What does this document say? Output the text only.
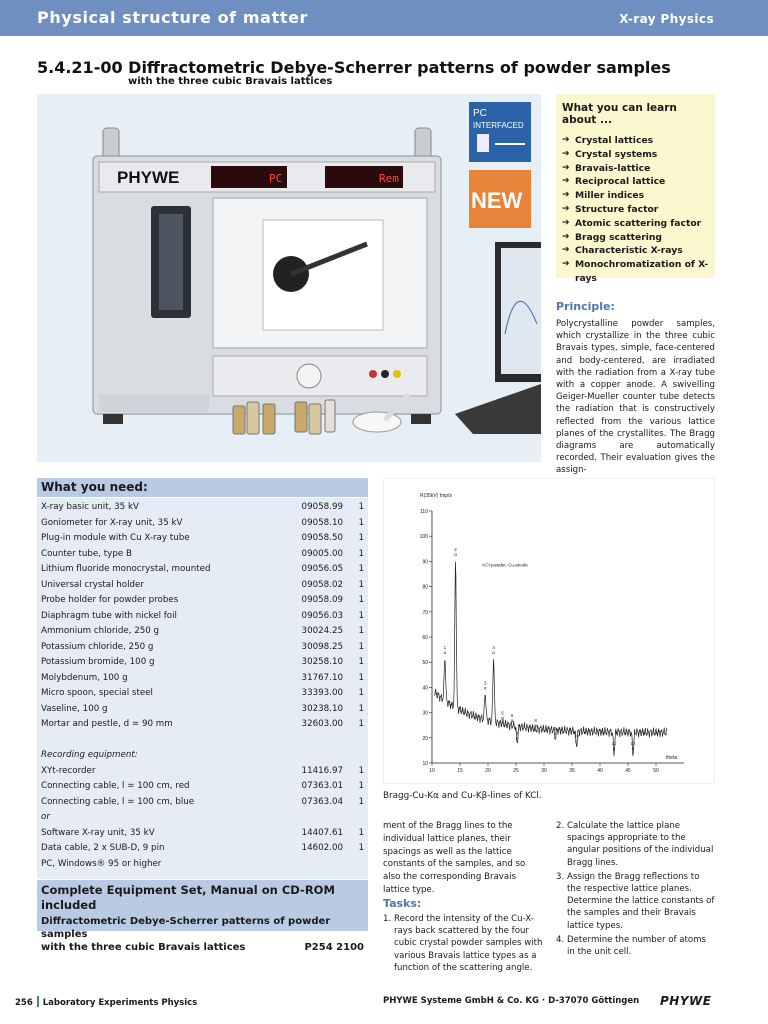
Physical structure of matter	X-ray Physics
5.4.21-00 Diffractometric Debye-Scherrer patterns of powder samples
with the three cubic Bravais lattices
PHYWE	PC	Rem
PC
INTERFACED
NEW
What you can learn about ...
➔ Crystal lattices
➔ Crystal systems
➔ Bravais-lattice
➔ Reciprocal lattice
➔ Miller indices
➔ Structure factor
➔ Atomic scattering factor
➔ Bragg scattering
➔ Characteristic X-rays
➔ Monochromatization of X-rays
Principle:
Polycrystalline powder samples, which crystallize in the three cubic Bravais types, simple, face-centered and body-centered, are irradiated with the radiation from a X-ray tube with a copper anode. A swivelling Geiger-Mueller counter tube detects the radiation that is constructively reflected from the various lattice planes of the crystallites. The Bragg diagrams are automatically recorded. Their evaluation gives the assign-
What you need:
X-ray basic unit, 35 kV	09058.99 1
Goniometer for X-ray unit, 35 kV	09058.10 1
Plug-in module with Cu X-ray tube	09058.50 1
Counter tube, type B	09005.00 1
Lithium fluoride monocrystal, mounted	09056.05 1
Universal crystal holder	09058.02 1
Probe holder for powder probes	09058.09 1
Diaphragm tube with nickel foil	09056.03 1
Ammonium chloride, 250 g	30024.25 1
Potassium chloride, 250 g	30098.25 1
Potassium bromide, 100 g	30258.10 1
Molybdenum, 100 g	31767.10 1
Micro spoon, special steel	33393.00 1
Vaseline, 100 g	30238.10 1
Mortar and pestle, d = 90 mm	32603.00 1
Recording equipment:
XYt-recorder	11416.97 1
Connecting cable, l = 100 cm, red	07363.01 1
Connecting cable, l = 100 cm, blue	07363.04 1
or
Software X-ray unit, 35 kV	14407.61 1
Data cable, 2 x SUB-D, 9 pin	14602.00 1
PC, Windows® 95 or higher
Complete Equipment Set, Manual on CD-ROM included
Diffractometric Debye-Scherrer patterns of powder samples
with the three cubic Bravais lattices	P254 2100
10
20
30
40
50
60
70
80
90
100
110
10	15	20	25	30	35	40	45	50
R(35kV) Imp/s
theta
KCl-powder, Cu-anode
1
α
2
α
3
α
4
α
5
α 6
α
7
α
8
α
9
α
10
α
11
α
12
α
Bragg-Cu-Kα and Cu-Kβ-lines of KCl.
ment of the Bragg lines to the individual lattice planes, their spacings as well as the lattice constants of the samples, and so also the corresponding Bravais lattice type.
Tasks:
1. Record the intensity of the Cu-X-rays back scattered by the four cubic crystal powder samples with various Bravais lattice types as a function of the scattering angle.
2. Calculate the lattice plane spacings appropriate to the angular positions of the individual Bragg lines.
3. Assign the Bragg reflections to the respective lattice planes. Determine the lattice constants of the samples and their Bravais lattice types.
4. Determine the number of atoms in the unit cell.
256 Laboratory Experiments Physics	PHYWE Systeme GmbH & Co. KG · D-37070 Göttingen PHYWE
